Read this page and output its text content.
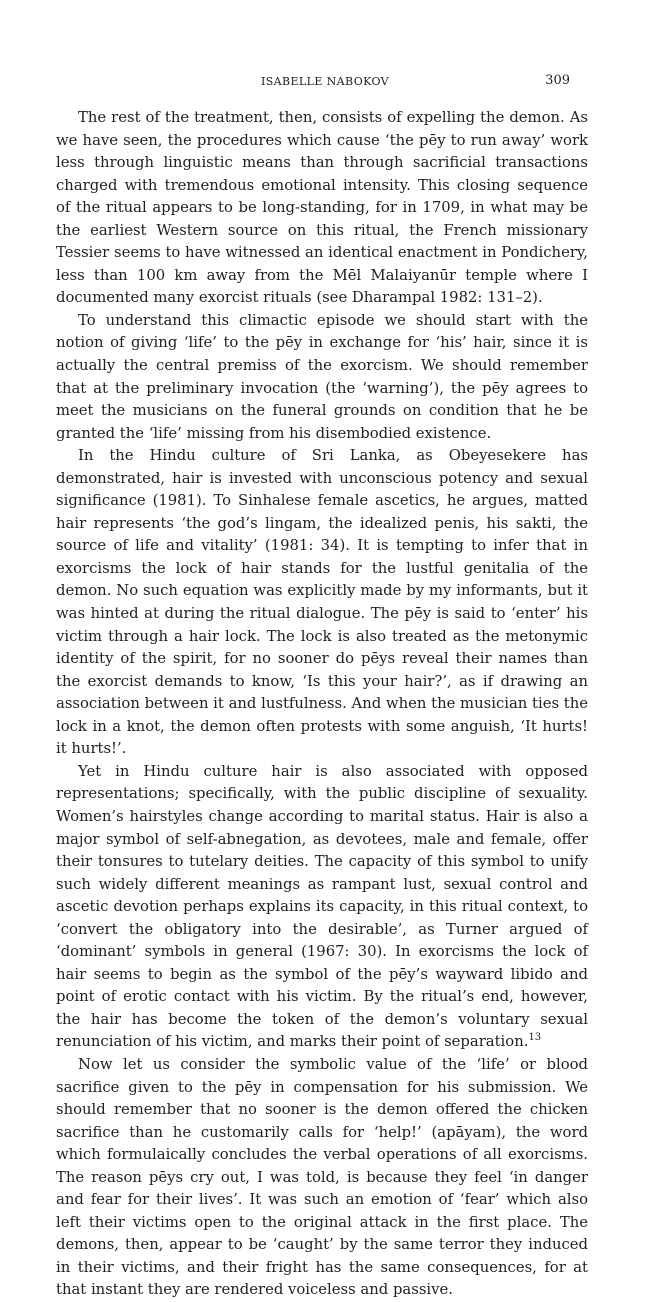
ISABELLE NABOKOV	309

The rest of the treatment, then, consists of expelling the demon. As we have seen, the procedures which cause ‘the pēy to run away’ work less through linguistic means than through sacrificial transactions charged with tremendous emotional intensity. This closing sequence of the ritual appears to be long-standing, for in 1709, in what may be the earliest Western source on this ritual, the French missionary Tessier seems to have witnessed an identical enactment in Pondichery, less than 100 km away from the Mēl Malaiyanūr temple where I documented many exorcist rituals (see Dharampal 1982: 131–2).

To understand this climactic episode we should start with the notion of giving ‘life’ to the pēy in exchange for ‘his’ hair, since it is actually the central premiss of the exorcism. We should remember that at the preliminary invocation (the ‘warning’), the pēy agrees to meet the musicians on the funeral grounds on condition that he be granted the ‘life’ missing from his disembodied existence.

In the Hindu culture of Sri Lanka, as Obeyesekere has demonstrated, hair is invested with unconscious potency and sexual significance (1981). To Sinhalese female ascetics, he argues, matted hair represents ‘the god’s lingam, the idealized penis, his sakti, the source of life and vitality’ (1981: 34). It is tempting to infer that in exorcisms the lock of hair stands for the lustful genitalia of the demon. No such equation was explicitly made by my informants, but it was hinted at during the ritual dialogue. The pēy is said to ‘enter’ his victim through a hair lock. The lock is also treated as the metonymic identity of the spirit, for no sooner do pēys reveal their names than the exorcist demands to know, ‘Is this your hair?’, as if drawing an association between it and lustfulness. And when the musician ties the lock in a knot, the demon often protests with some anguish, ‘It hurts! it hurts!’.

Yet in Hindu culture hair is also associated with opposed representations; specifically, with the public discipline of sexuality. Women’s hairstyles change according to marital status. Hair is also a major symbol of self-abnegation, as devotees, male and female, offer their tonsures to tutelary deities. The capacity of this symbol to unify such widely different meanings as rampant lust, sexual control and ascetic devotion perhaps explains its capacity, in this ritual context, to ‘convert the obligatory into the desirable’, as Turner argued of ‘dominant’ symbols in general (1967: 30). In exorcisms the lock of hair seems to begin as the symbol of the pēy’s wayward libido and point of erotic contact with his victim. By the ritual’s end, however, the hair has become the token of the demon’s voluntary sexual renunciation of his victim, and marks their point of separation.$^{13}$

Now let us consider the symbolic value of the ‘life’ or blood sacrifice given to the pēy in compensation for his submission. We should remember that no sooner is the demon offered the chicken sacrifice than he customarily calls for ‘help!’ (apāyam), the word which formulaically concludes the verbal operations of all exorcisms. The reason pēys cry out, I was told, is because they feel ‘in danger and fear for their lives’. It was such an emotion of ‘fear’ which also left their victims open to the original attack in the first place. The demons, then, appear to be ‘caught’ by the same terror they induced in their victims, and their fright has the same consequences, for at that instant they are rendered voiceless and passive.
